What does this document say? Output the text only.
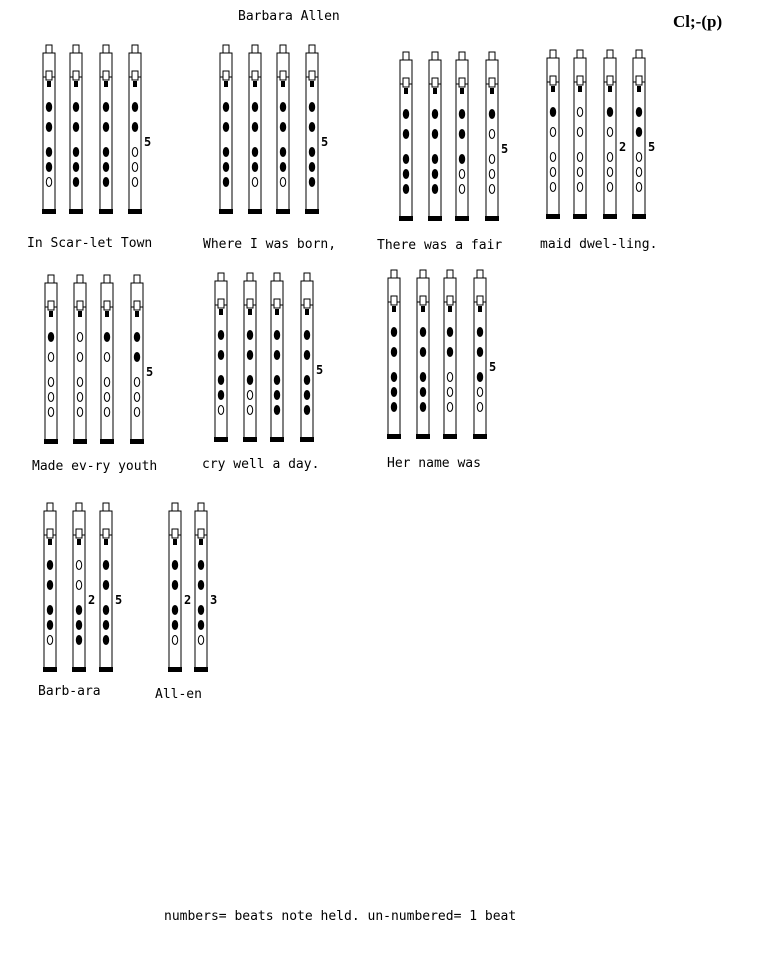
Barbara Allen	Cl;-(p)
5	5	5	2 5
5	5	5
2 5	2 3
In Scar-let Town	Where I was born,	There was a fair	maid dwel-ling.
Made ev-ry youth	cry well a day.	Her name was
Barb-ara	All-en
numbers= beats note held. un-numbered= 1 beat
